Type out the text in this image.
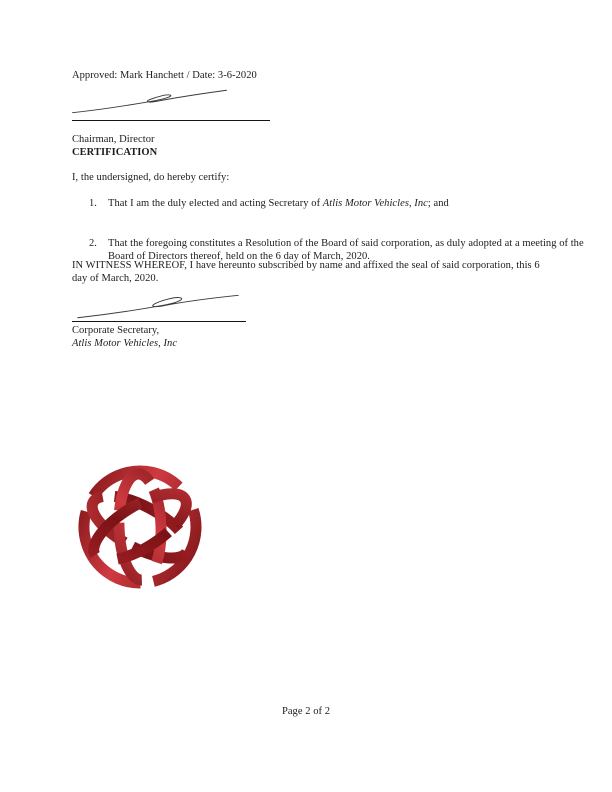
Approved: Mark Hanchett / Date: 3-6-2020
Chairman, Director
CERTIFICATION
I, the undersigned, do hereby certify:
1. That I am the duly elected and acting Secretary of Atlis Motor Vehicles, Inc; and
2. That the foregoing constitutes a Resolution of the Board of said corporation, as duly adopted at a meeting of the Board of Directors thereof, held on the 6 day of March, 2020.
IN WITNESS WHEREOF, I have hereunto subscribed by name and affixed the seal of said corporation, this 6 day of March, 2020.
Corporate Secretary,
Atlis Motor Vehicles, Inc
Page 2 of 2
